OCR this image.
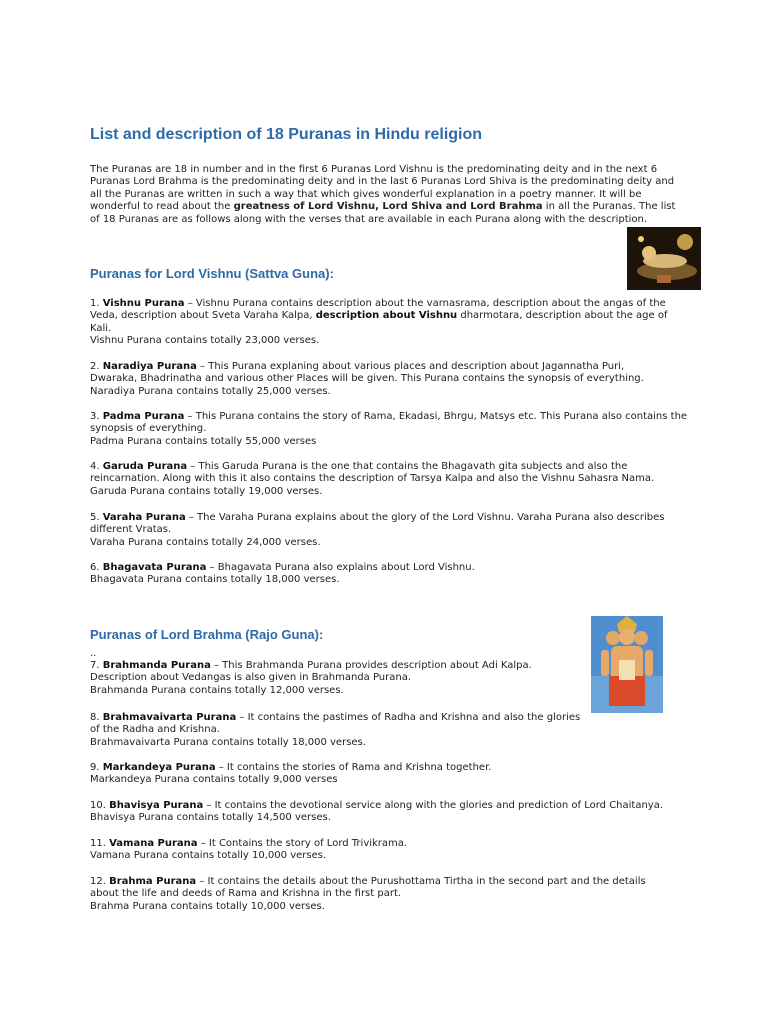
List and description of 18 Puranas in Hindu religion

The Puranas are 18 in number and in the first 6 Puranas Lord Vishnu is the predominating deity and in the next 6 Puranas Lord Brahma is the predominating deity and in the last 6 Puranas Lord Shiva is the predominating deity and all the Puranas are written in such a way that which gives wonderful explanation in a poetry manner. It will be wonderful to read about the greatness of Lord Vishnu, Lord Shiva and Lord Brahma in all the Puranas. The list of 18 Puranas are as follows along with the verses that are available in each Purana along with the description.

Puranas for Lord Vishnu (Sattva Guna):

1. Vishnu Purana – Vishnu Purana contains description about the varnasrama, description about the angas of the Veda, description about Sveta Varaha Kalpa, description about Vishnu dharmotara, description about the age of Kali.
Vishnu Purana contains totally 23,000 verses.

2. Naradiya Purana – This Purana explaning about various places and description about Jagannatha Puri, Dwaraka, Bhadrinatha and various other Places will be given. This Purana contains the synopsis of everything.
Naradiya Purana contains totally 25,000 verses.

3. Padma Purana – This Purana contains the story of Rama, Ekadasi, Bhrgu, Matsys etc. This Purana also contains the synopsis of everything.
Padma Purana contains totally 55,000 verses

4. Garuda Purana – This Garuda Purana is the one that contains the Bhagavath gita subjects and also the reincarnation. Along with this it also contains the description of Tarsya Kalpa and also the Vishnu Sahasra Nama.
Garuda Purana contains totally 19,000 verses.

5. Varaha Purana – The Varaha Purana explains about the glory of the Lord Vishnu. Varaha Purana also describes different Vratas.
Varaha Purana contains totally 24,000 verses.

6. Bhagavata Purana – Bhagavata Purana also explains about Lord Vishnu.
Bhagavata Purana contains totally 18,000 verses.

Puranas of Lord Brahma (Rajo Guna):

..

7. Brahmanda Purana – This Brahmanda Purana provides description about Adi Kalpa.
Description about Vedangas is also given in Brahmanda Purana.
Brahmanda Purana contains totally 12,000 verses.

8. Brahmavaivarta Purana – It contains the pastimes of Radha and Krishna and also the glories of the Radha and Krishna.
Brahmavaivarta Purana contains totally 18,000 verses.

9. Markandeya Purana – It contains the stories of Rama and Krishna together.
Markandeya Purana contains totally 9,000 verses

10. Bhavisya Purana – It contains the devotional service along with the glories and prediction of Lord Chaitanya.
Bhavisya Purana contains totally 14,500 verses.

11. Vamana Purana – It Contains the story of Lord Trivikrama.
Vamana Purana contains totally 10,000 verses.

12. Brahma Purana – It contains the details about the Purushottama Tirtha in the second part and the details about the life and deeds of Rama and Krishna in the first part.
Brahma Purana contains totally 10,000 verses.
